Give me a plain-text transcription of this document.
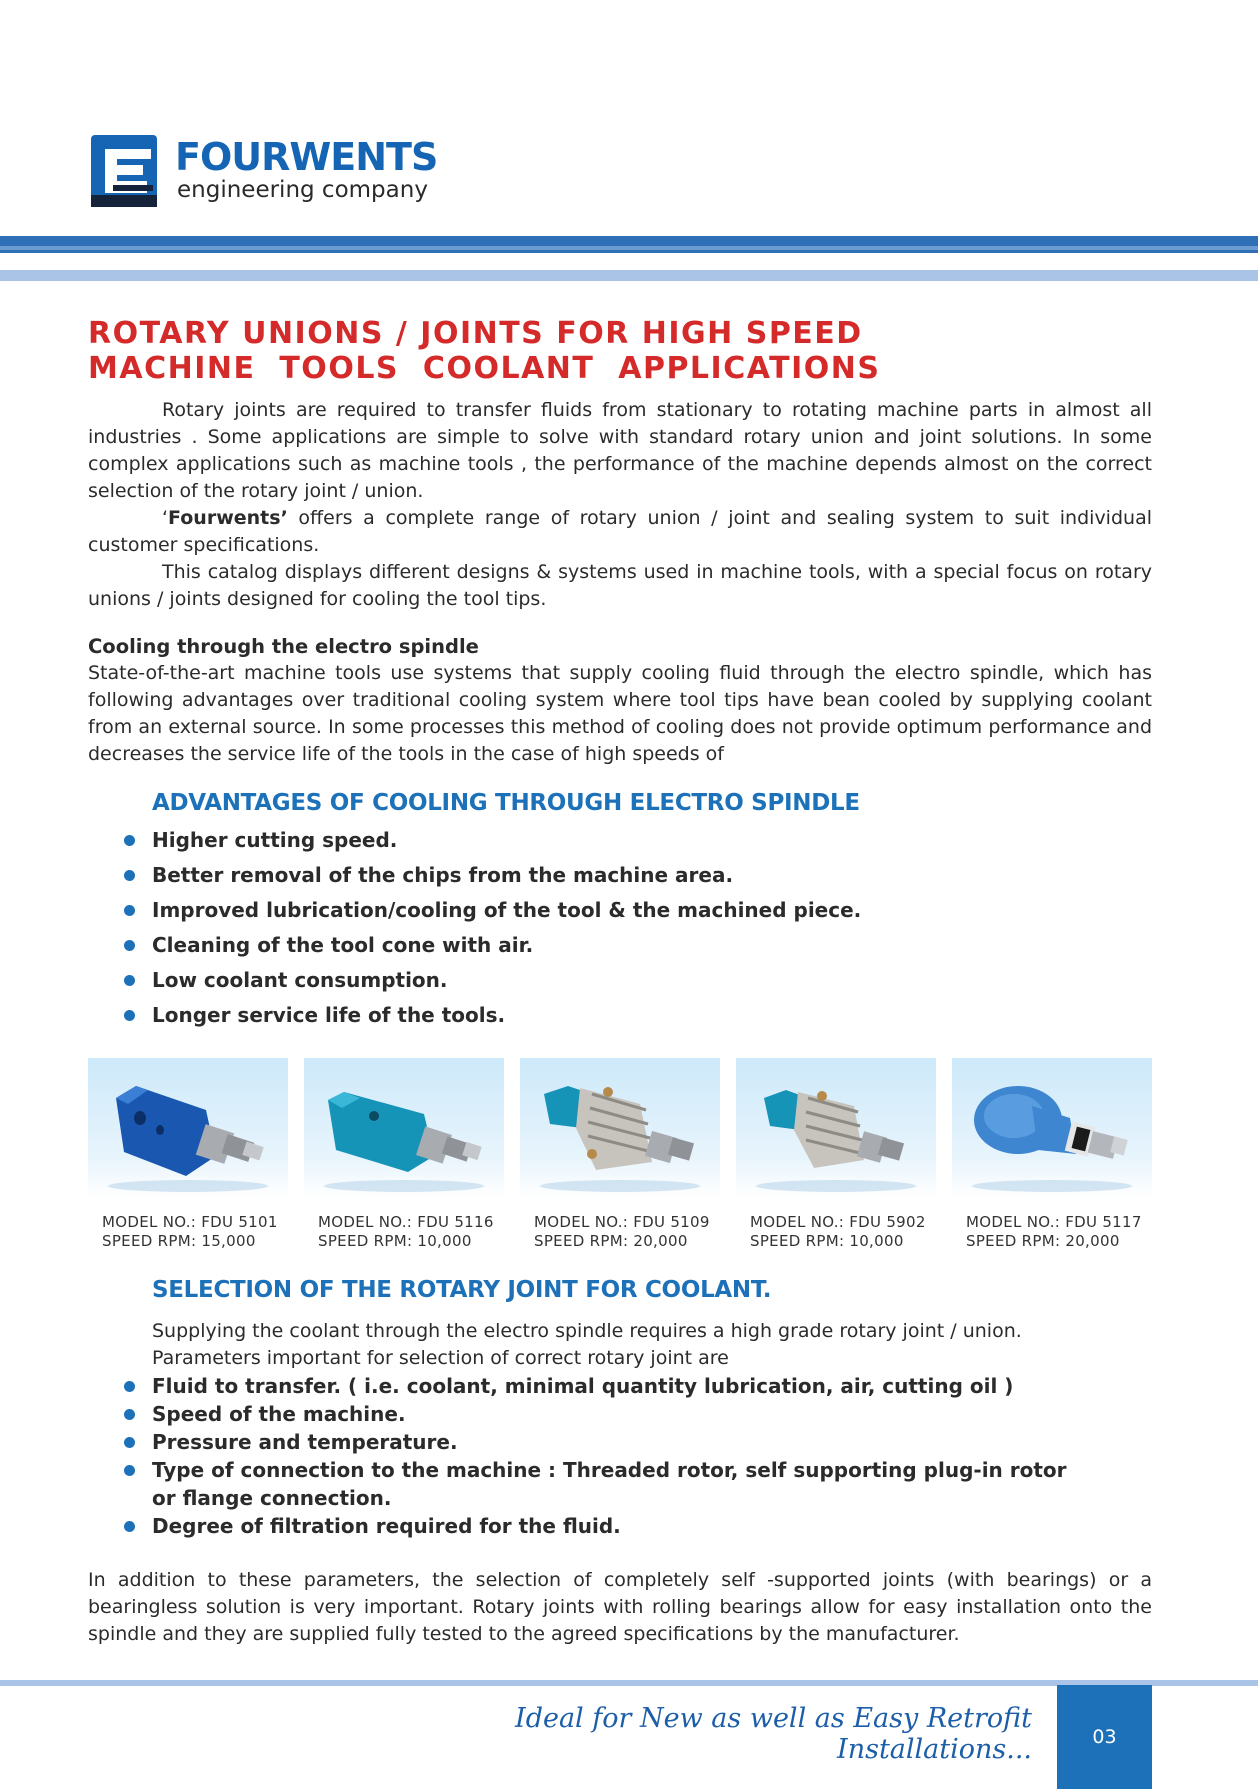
FOURWENTS
engineering company
ROTARY UNIONS / JOINTS FOR HIGH SPEED
MACHINE  TOOLS  COOLANT  APPLICATIONS

Rotary joints are required to transfer fluids from stationary to rotating machine parts in almost all industries . Some applications are simple to solve with standard rotary union and joint solutions. In some complex applications such as machine tools , the performance of the machine depends almost on the correct selection of the rotary joint / union.

‘Fourwents’ offers a complete range of rotary union / joint and sealing system to suit individual customer specifications.

This catalog displays different designs & systems used in machine tools, with a special focus on rotary unions / joints designed for cooling the tool tips.

Cooling through the electro spindle

State-of-the-art machine tools use systems that supply cooling fluid through the electro spindle, which has following advantages over traditional cooling system where tool tips have bean cooled by supplying coolant from an external source. In some processes this method of cooling does not provide optimum performance and decreases the service life of the tools in the case of high speeds of

ADVANTAGES OF COOLING THROUGH ELECTRO SPINDLE
Higher cutting speed.
Better removal of the chips from the machine area.
Improved lubrication/cooling of the tool & the machined piece.
Cleaning of the tool cone with air.
Low coolant consumption.
Longer service life of the tools.
MODEL NO.: FDU 5101
SPEED RPM: 15,000
MODEL NO.: FDU 5116
SPEED RPM: 10,000
MODEL NO.: FDU 5109
SPEED RPM: 20,000
MODEL NO.: FDU 5902
SPEED RPM: 10,000
MODEL NO.: FDU 5117
SPEED RPM: 20,000
SELECTION OF THE ROTARY JOINT FOR COOLANT.

Supplying the coolant through the electro spindle requires a high grade rotary joint / union.

Parameters important for selection of correct rotary joint are

Fluid to transfer. ( i.e. coolant, minimal quantity lubrication, air, cutting oil )
Speed of the machine.
Pressure and temperature.
Type of connection to the machine : Threaded rotor, self supporting plug-in rotor or flange connection.
Degree of filtration required for the fluid.
In addition to these parameters, the selection of completely self -supported joints (with bearings) or a bearingless solution is very important. Rotary joints with rolling bearings allow for easy installation onto the spindle and they are supplied fully tested to the agreed specifications by the manufacturer.
Ideal for New as well as Easy Retrofit Installations...	03
